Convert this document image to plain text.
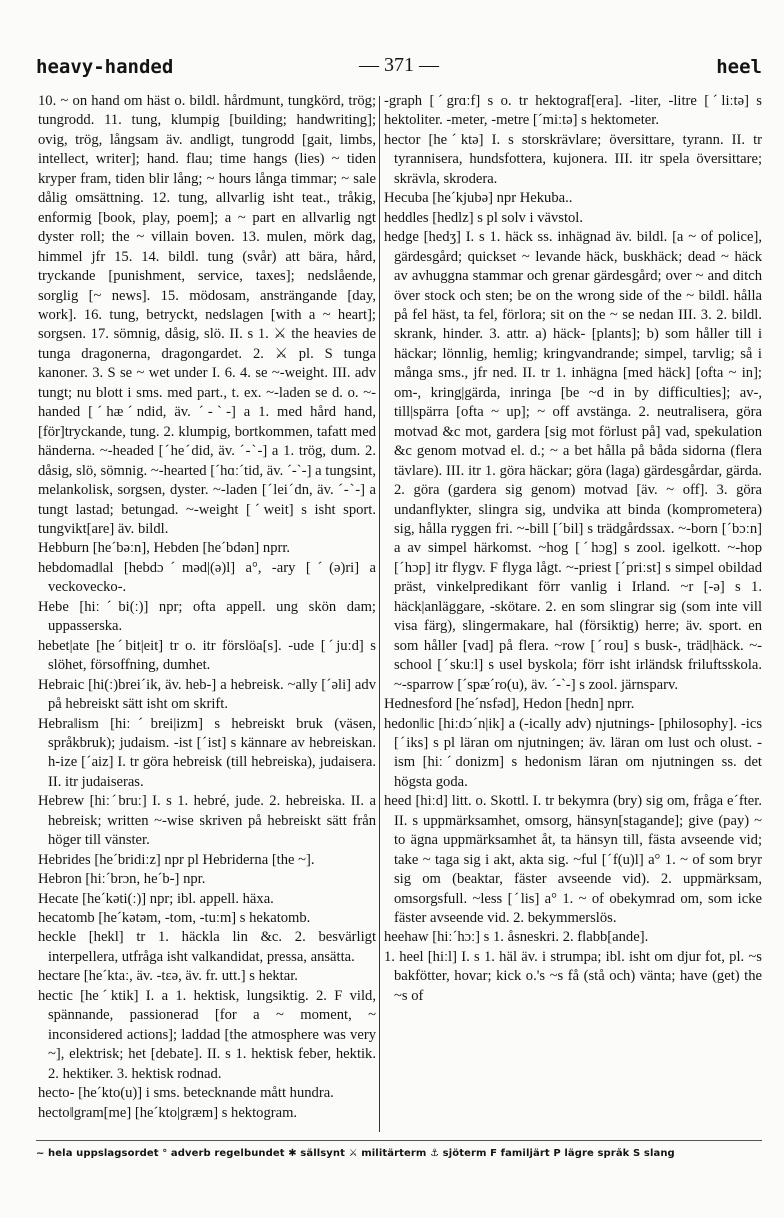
heavy-handed	— 371 —	heel

10. ~ on hand om häst o. bildl. hårdmunt, tungkörd, trög; tungrodd. 11. tung, klumpig [building; handwriting]; ovig, trög, långsam äv. andligt, tungrodd [gait, limbs, intellect, writer]; hand. flau; time hangs (lies) ~ tiden kryper fram, tiden blir lång; ~ hours långa timmar; ~ sale dålig omsättning. 12. tung, allvarlig isht teat., tråkig, enformig [book, play, poem]; a ~ part en allvarlig ngt dyster roll; the ~ villain boven. 13. mulen, mörk dag, himmel jfr 15. 14. bildl. tung (svår) att bära, hård, tryckande [punishment, service, taxes]; nedslående, sorglig [~ news]. 15. mödosam, ansträngande [day, work]. 16. tung, betryckt, nedslagen [with a ~ heart]; sorgsen. 17. sömnig, dåsig, slö. II. s 1. ⚔ the heavies de tunga dragonerna, dragongardet. 2. ⚔ pl. S tunga kanoner. 3. S se ~ wet under I. 6. 4. se ~-weight. III. adv tungt; nu blott i sms. med part., t. ex. ~-laden se d. o. ~-handed [ˊhæˊndid, äv. ˊ-ˋ-] a 1. med hård hand, [för]tryckande, tung. 2. klumpig, bortkommen, tafatt med händerna. ~-headed [ˊheˊdid, äv. ˊ-ˋ-] a 1. trög, dum. 2. dåsig, slö, sömnig. ~-hearted [ˊhɑːˊtid, äv. ˊ-ˋ-] a tungsint, melankolisk, sorgsen, dyster. ~-laden [ˊleiˊdn, äv. ˊ-ˋ-] a tungt lastad; betungad. ~-weight [ˊweit] s isht sport. tungvikt[are] äv. bildl.

Hebburn [heˊbəːn], Hebden [heˊbdən] nprr.

hebdomad‖al [hebdɔˊməd|(ə)l] a°, -ary [ˊ(ə)ri] a veckovecko-.

Hebe [hiːˊbi(ː)] npr; ofta appell. ung skön dam; uppasserska.

hebet|ate [heˊbit|eit] tr o. itr förslöa[s]. -ude [ˊjuːd] s slöhet, försoffning, dumhet.

Hebraic [hi(ː)breiˊik, äv. heb-] a hebreisk. ~ally [ˊəli] adv på hebreiskt sätt isht om skrift.

Hebra‖ism [hiːˊbrei|izm] s hebreiskt bruk (väsen, språkbruk); judaism. -ist [ˊist] s kännare av hebreiskan. h-ize [ˊaiz] I. tr göra hebreisk (till hebreiska), judaisera. II. itr judaiseras.

Hebrew [hiːˊbruː] I. s 1. hebré, jude. 2. hebreiska. II. a hebreisk; written ~-wise skriven på hebreiskt sätt från höger till vänster.

Hebrides [heˊbridiːz] npr pl Hebriderna [the ~].

Hebron [hiːˊbrɔn, heˊb-] npr.

Hecate [heˊkəti(ː)] npr; ibl. appell. häxa.

hecatomb [heˊkətəm, -tom, -tuːm] s hekatomb.

heckle [hekl] tr 1. häckla lin &c. 2. besvärligt interpellera, utfråga isht valkandidat, pressa, ansätta.

hectare [heˊktaː, äv. -tεə, äv. fr. utt.] s hektar.

hectic [heˊktik] I. a 1. hektisk, lungsiktig. 2. F vild, spännande, passionerad [for a ~ moment, ~ inconsidered actions]; laddad [the atmosphere was very ~], elektrisk; het [debate]. II. s 1. hektisk feber, hektik. 2. hektiker. 3. hektisk rodnad.

hecto- [heˊkto(u)] i sms. betecknande mått hundra.

hecto‖gram[me] [heˊkto|græm] s hektogram.

-graph [ˊgrɑːf] s o. tr hektograf[era]. -liter, -litre [ˊliːtə] s hektoliter. -meter, -metre [ˊmiːtə] s hektometer.

hector [heˊktə] I. s storskrävlare; översittare, tyrann. II. tr tyrannisera, hundsfottera, kujonera. III. itr spela översittare; skrävla, skrodera.

Hecuba [heˊkjubə] npr Hekuba..

heddles [hedlz] s pl solv i vävstol.

hedge [hedʒ] I. s 1. häck ss. inhägnad äv. bildl. [a ~ of police], gärdesgård; quickset ~ levande häck, buskhäck; dead ~ häck av avhuggna stammar och grenar gärdesgård; over ~ and ditch över stock och sten; be on the wrong side of the ~ bildl. hålla på fel häst, ta fel, förlora; sit on the ~ se nedan III. 3. 2. bildl. skrank, hinder. 3. attr. a) häck- [plants]; b) som håller till i häckar; lönnlig, hemlig; kringvandrande; simpel, tarvlig; så i många sms., jfr ned. II. tr 1. inhägna [med häck] [ofta ~ in]; om-, kring|gärda, inringa [be ~d in by difficulties]; av-, till|spärra [ofta ~ up]; ~ off avstänga. 2. neutralisera, göra motvad &c mot, gardera [sig mot förlust på] vad, spekulation &c genom motvad el. d.; ~ a bet hålla på båda sidorna (flera tävlare). III. itr 1. göra häckar; göra (laga) gärdesgårdar, gärda. 2. göra (gardera sig genom) motvad [äv. ~ off]. 3. göra undanflykter, slingra sig, undvika att binda (komprometera) sig, hålla ryggen fri. ~-bill [ˊbil] s trädgårdssax. ~-born [ˊbɔːn] a av simpel härkomst. ~hog [ˊhɔg] s zool. igelkott. ~-hop [ˊhɔp] itr flygv. F flyga lågt. ~-priest [ˊpriːst] s simpel obildad präst, vinkelpredikant förr vanlig i Irland. ~r [-ə] s 1. häck|anläggare, -skötare. 2. en som slingrar sig (som inte vill visa färg), slingermakare, hal (försiktig) herre; äv. sport. en som håller [vad] på flera. ~row [ˊrou] s busk-, träd|häck. ~-school [ˊskuːl] s usel byskola; förr isht irländsk friluftsskola. ~-sparrow [ˊspæˊro(u), äv. ˊ-ˋ-] s zool. järnsparv.

Hednesford [heˊnsfəd], Hedon [hedn] nprr.

hedon‖ic [hiːdɔˊn|ik] a (-ically adv) njutnings- [philosophy]. -ics [ˊiks] s pl läran om njutningen; äv. läran om lust och olust. -ism [hiːˊdonizm] s hedonism läran om njutningen ss. det högsta goda.

heed [hiːd] litt. o. Skottl. I. tr bekymra (bry) sig om, fråga eˊfter. II. s uppmärksamhet, omsorg, hänsyn[stagande]; give (pay) ~ to ägna uppmärksamhet åt, ta hänsyn till, fästa avseende vid; take ~ taga sig i akt, akta sig. ~ful [ˊf(u)l] a° 1. ~ of som bryr sig om (beaktar, fäster avseende vid). 2. uppmärksam, omsorgsfull. ~less [ˊlis] a° 1. ~ of obekymrad om, som icke fäster avseende vid. 2. bekymmerslös.

heehaw [hiːˊhɔː] s 1. åsneskri. 2. flabb[ande].

1. heel [hiːl] I. s 1. häl äv. i strumpa; ibl. isht om djur fot, pl. ~s bakfötter, hovar; kick o.'s ~s få (stå och) vänta; have (get) the ~s of

~ hela uppslagsordet ° adverb regelbundet ✱ sällsynt ⚔ militärterm ⚓ sjöterm F familjärt P lägre språk S slang
